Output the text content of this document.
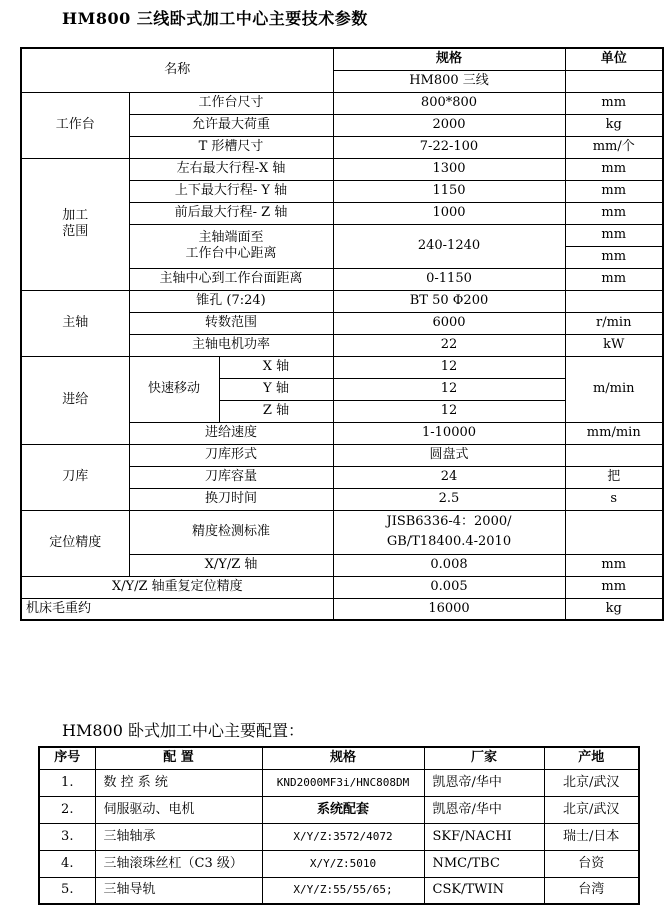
HM800 三线卧式加工中心主要技术参数
名称			规格	单位
			HM800 三线	
工作台	工作台尺寸		800*800	mm
	允许最大荷重		2000	kg
	T 形槽尺寸		7-22-100	mm/个

加工
范围	左右最大行程-X 轴		1300	mm
	上下最大行程- Y 轴		1150	mm
	前后最大行程- Z 轴		1000	mm

	主轴端面至
工作台中心距离		240-1240	mm
				mm
	主轴中心到工作台面距离		0-1150	mm
主轴	锥孔 (7:24)		BT 50 Φ200	
	转数范围		6000	r/min
	主轴电机功率		22	kW
进给	快速移动	X 轴	12	m/min
		Y 轴	12	
		Z 轴	12	
	进给速度		1-10000	mm/min
刀库	刀库形式		圆盘式	
	刀库容量		24	把
	换刀时间		2.5	s
定位精度	精度检测标准		JISB6336-4：2000/
GB/T18400.4-2010	

	X/Y/Z 轴		0.008	mm
X/Y/Z 轴重复定位精度			0.005	mm
机床毛重约			16000	kg
HM800 卧式加工中心主要配置：
序号	配 置	规格	厂家	产地
1.	数 控 系 统	KND2000MF3i/HNC808DM	凯恩帝/华中	北京/武汉
2.	伺服驱动、电机	系统配套	凯恩帝/华中	北京/武汉
3.	三轴轴承	X/Y/Z:3572/4072	SKF/NACHI	瑞士/日本
4.	三轴滚珠丝杠（C3 级）	X/Y/Z:5010	NMC/TBC	台资
5.	三轴导轨	X/Y/Z:55/55/65;	CSK/TWIN	台湾
